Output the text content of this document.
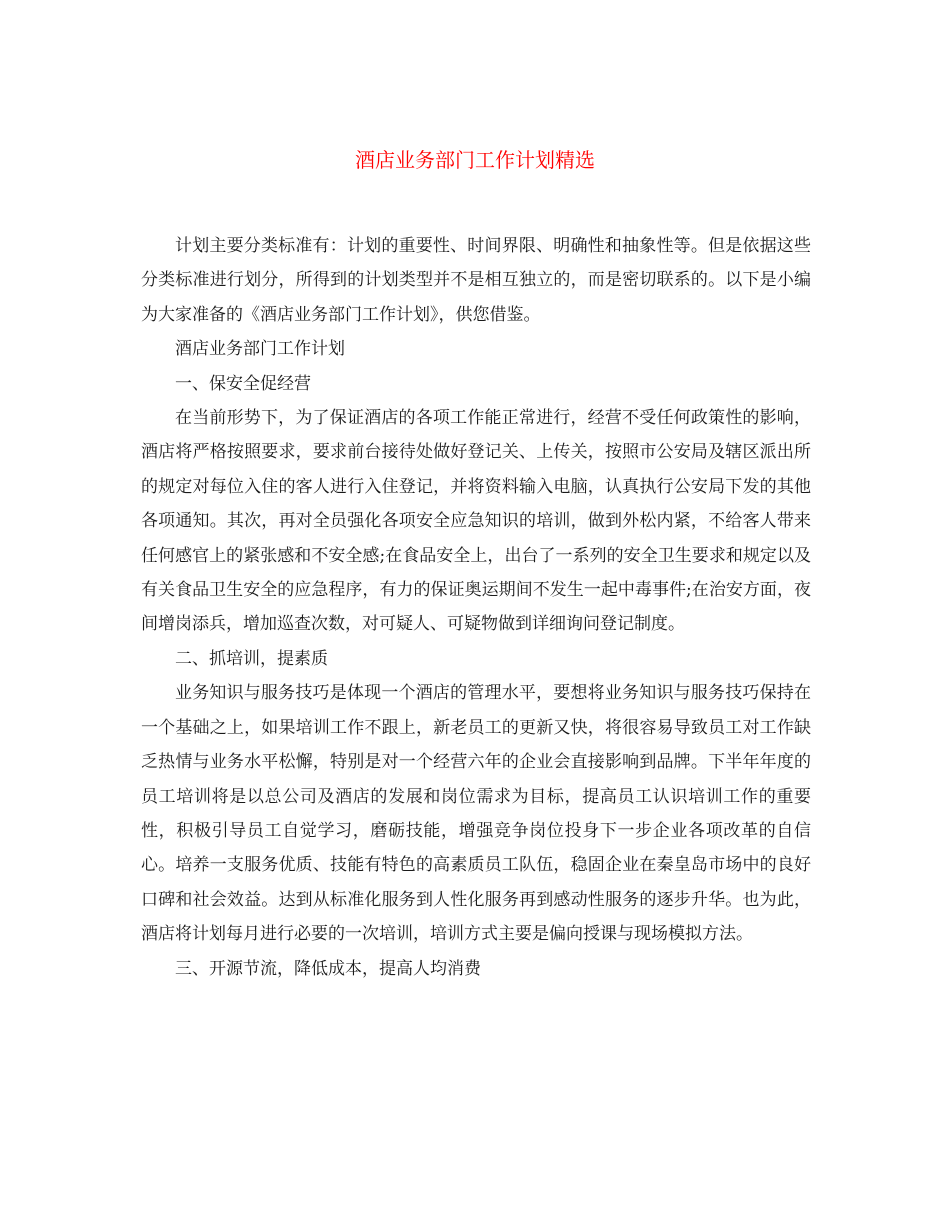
酒店业务部门工作计划精选

计划主要分类标准有：计划的重要性、时间界限、明确性和抽象性等。但是依据这些分类标准进行划分，所得到的计划类型并不是相互独立的，而是密切联系的。以下是小编为大家准备的《酒店业务部门工作计划》，供您借鉴。

酒店业务部门工作计划

一、保安全促经营

在当前形势下，为了保证酒店的各项工作能正常进行，经营不受任何政策性的影响，酒店将严格按照要求，要求前台接待处做好登记关、上传关，按照市公安局及辖区派出所的规定对每位入住的客人进行入住登记，并将资料输入电脑，认真执行公安局下发的其他各项通知。其次，再对全员强化各项安全应急知识的培训，做到外松内紧，不给客人带来任何感官上的紧张感和不安全感;在食品安全上，出台了一系列的安全卫生要求和规定以及有关食品卫生安全的应急程序，有力的保证奥运期间不发生一起中毒事件;在治安方面，夜间增岗添兵，增加巡查次数，对可疑人、可疑物做到详细询问登记制度。

二、抓培训，提素质

业务知识与服务技巧是体现一个酒店的管理水平，要想将业务知识与服务技巧保持在一个基础之上，如果培训工作不跟上，新老员工的更新又快，将很容易导致员工对工作缺乏热情与业务水平松懈，特别是对一个经营六年的企业会直接影响到品牌。下半年年度的员工培训将是以总公司及酒店的发展和岗位需求为目标，提高员工认识培训工作的重要性，积极引导员工自觉学习，磨砺技能，增强竞争岗位投身下一步企业各项改革的自信心。培养一支服务优质、技能有特色的高素质员工队伍，稳固企业在秦皇岛市场中的良好口碑和社会效益。达到从标准化服务到人性化服务再到感动性服务的逐步升华。也为此，酒店将计划每月进行必要的一次培训，培训方式主要是偏向授课与现场模拟方法。

三、开源节流，降低成本，提高人均消费
